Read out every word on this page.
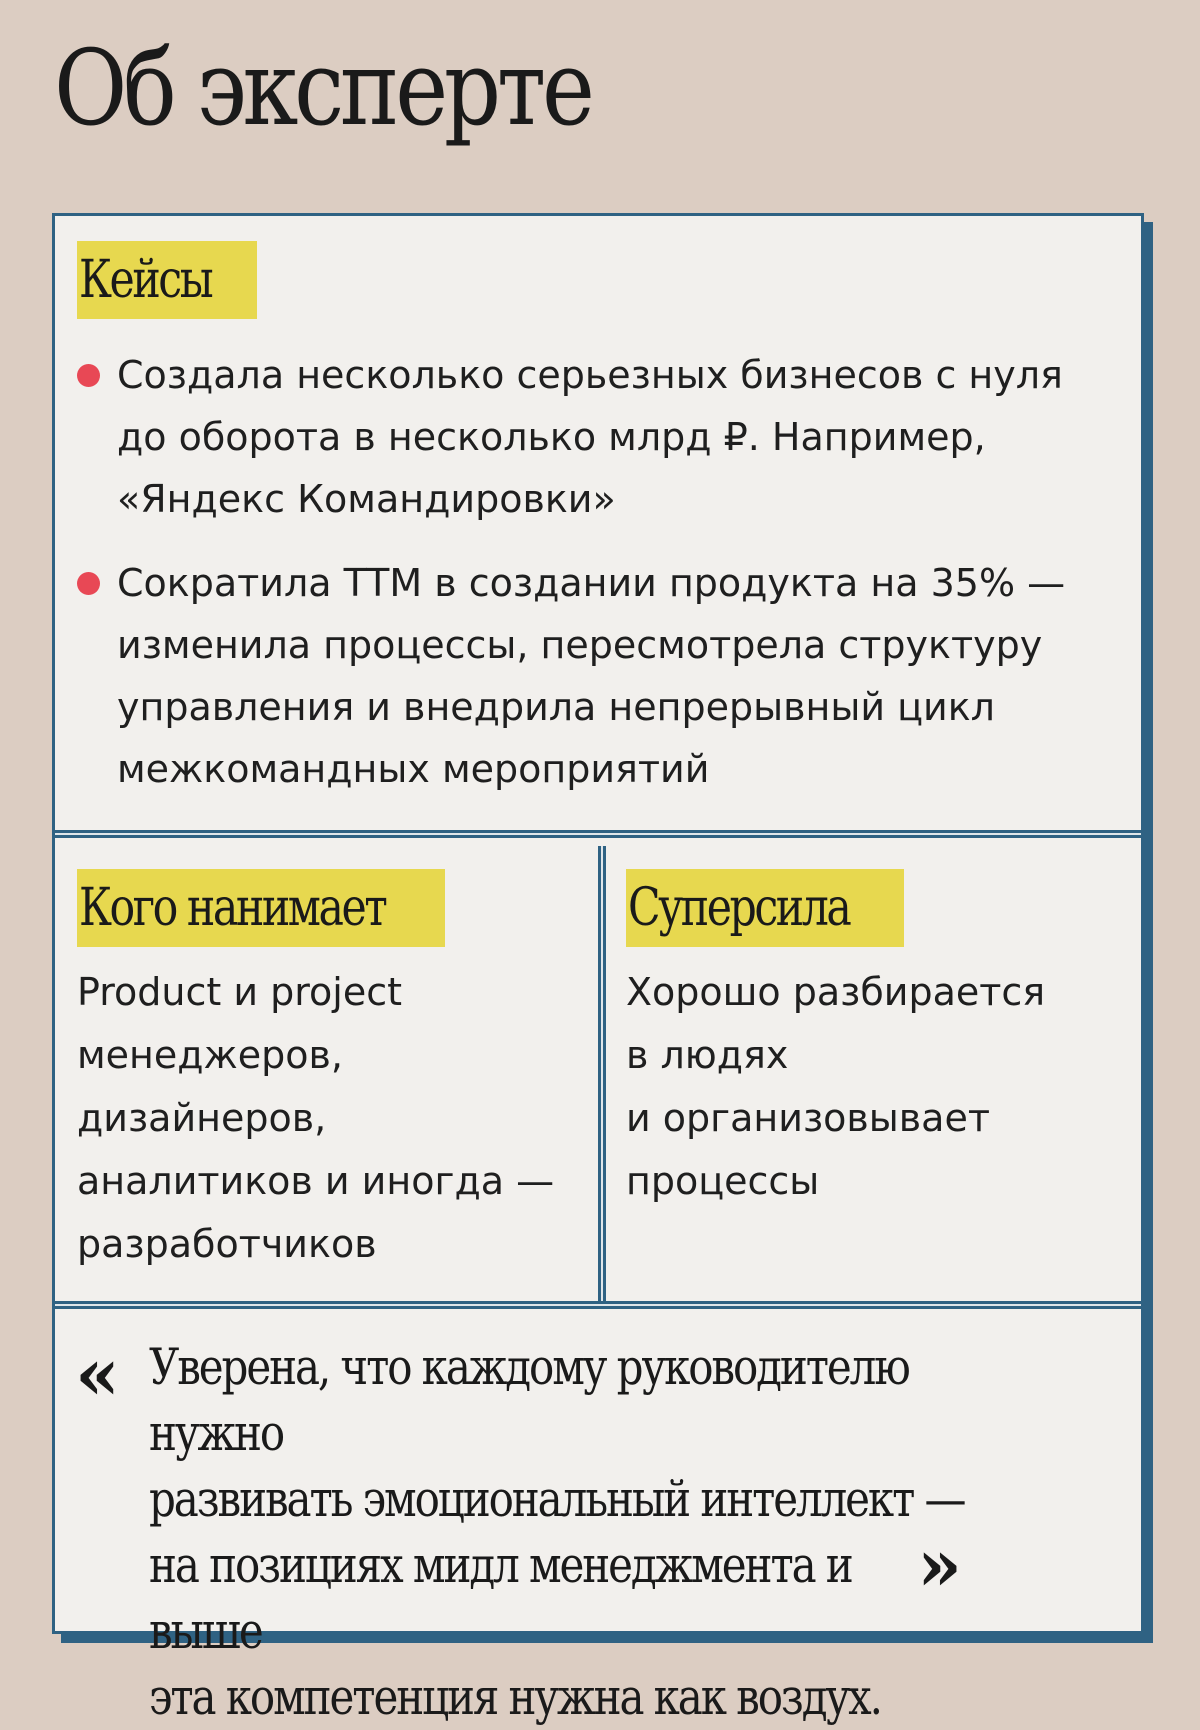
Об эксперте
Кейсы
Создала несколько серьезных бизнесов с нуля
до оборота в несколько млрд ₽. Например,
«Яндекс Командировки»
Сократила TTM в создании продукта на 35% —
изменила процессы, пересмотрела структуру
управления и внедрила непрерывный цикл
межкомандных мероприятий
Кого нанимает
Product и project
менеджеров,
дизайнеров,
аналитиков и иногда —
разработчиков
Суперсила
Хорошо разбирается
в людях
и организовывает
процессы
« Уверена, что каждому руководителю нужно
развивать эмоциональный интеллект —
на позициях мидл менеджмента и выше
эта компетенция нужна как воздух.
»
